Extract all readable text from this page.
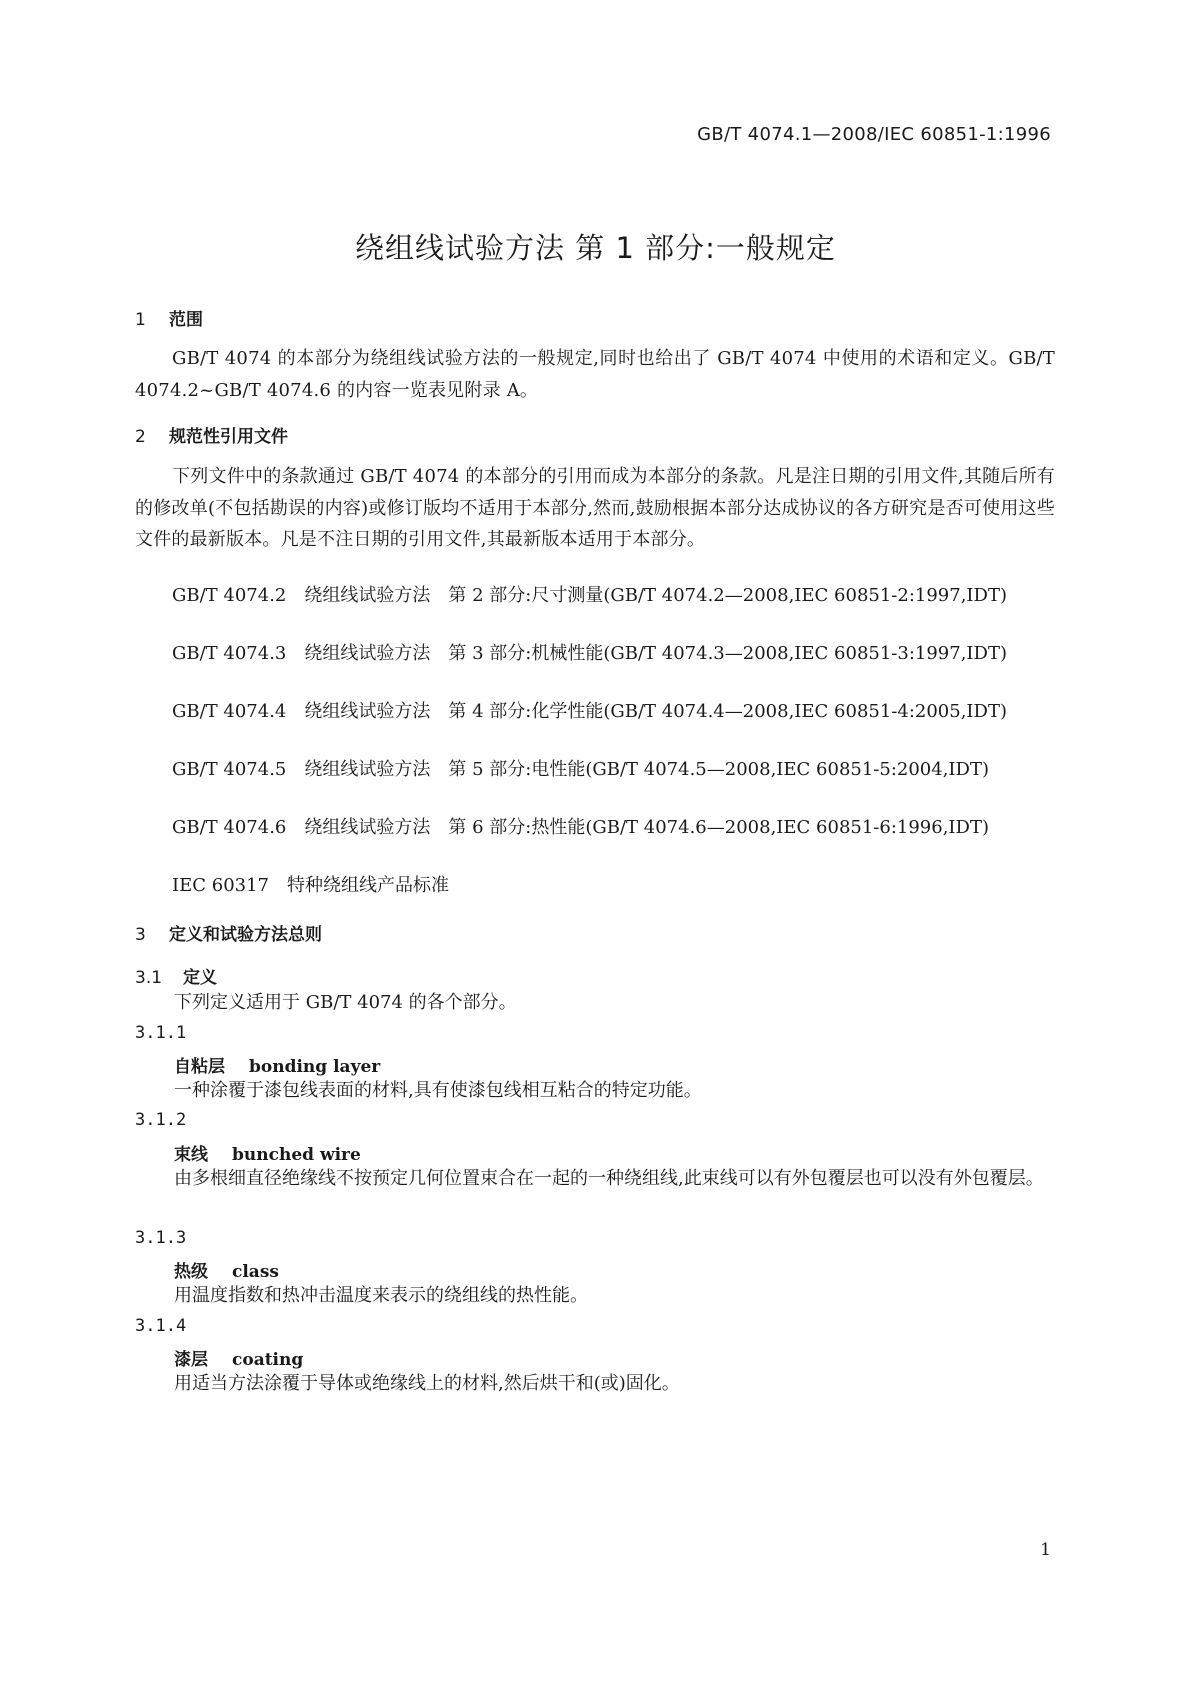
GB/T 4074.1—2008/IEC 60851-1:1996
绕组线试验方法 第 1 部分:一般规定
1 范围
GB/T 4074 的本部分为绕组线试验方法的一般规定,同时也给出了 GB/T 4074 中使用的术语和定义。GB/T 4074.2~GB/T 4074.6 的内容一览表见附录 A。
2 规范性引用文件
下列文件中的条款通过 GB/T 4074 的本部分的引用而成为本部分的条款。凡是注日期的引用文件,其随后所有的修改单(不包括勘误的内容)或修订版均不适用于本部分,然而,鼓励根据本部分达成协议的各方研究是否可使用这些文件的最新版本。凡是不注日期的引用文件,其最新版本适用于本部分。
GB/T 4074.2 绕组线试验方法 第 2 部分:尺寸测量(GB/T 4074.2—2008,IEC 60851-2:1997,IDT)
GB/T 4074.3 绕组线试验方法 第 3 部分:机械性能(GB/T 4074.3—2008,IEC 60851-3:1997,IDT)
GB/T 4074.4 绕组线试验方法 第 4 部分:化学性能(GB/T 4074.4—2008,IEC 60851-4:2005,IDT)
GB/T 4074.5 绕组线试验方法 第 5 部分:电性能(GB/T 4074.5—2008,IEC 60851-5:2004,IDT)
GB/T 4074.6 绕组线试验方法 第 6 部分:热性能(GB/T 4074.6—2008,IEC 60851-6:1996,IDT)
IEC 60317 特种绕组线产品标准
3 定义和试验方法总则
3.1 定义
下列定义适用于 GB/T 4074 的各个部分。
3.1.1
自粘层 bonding layer
一种涂覆于漆包线表面的材料,具有使漆包线相互粘合的特定功能。
3.1.2
束线 bunched wire
由多根细直径绝缘线不按预定几何位置束合在一起的一种绕组线,此束线可以有外包覆层也可以没有外包覆层。
3.1.3
热级 class
用温度指数和热冲击温度来表示的绕组线的热性能。
3.1.4
漆层 coating
用适当方法涂覆于导体或绝缘线上的材料,然后烘干和(或)固化。
1
